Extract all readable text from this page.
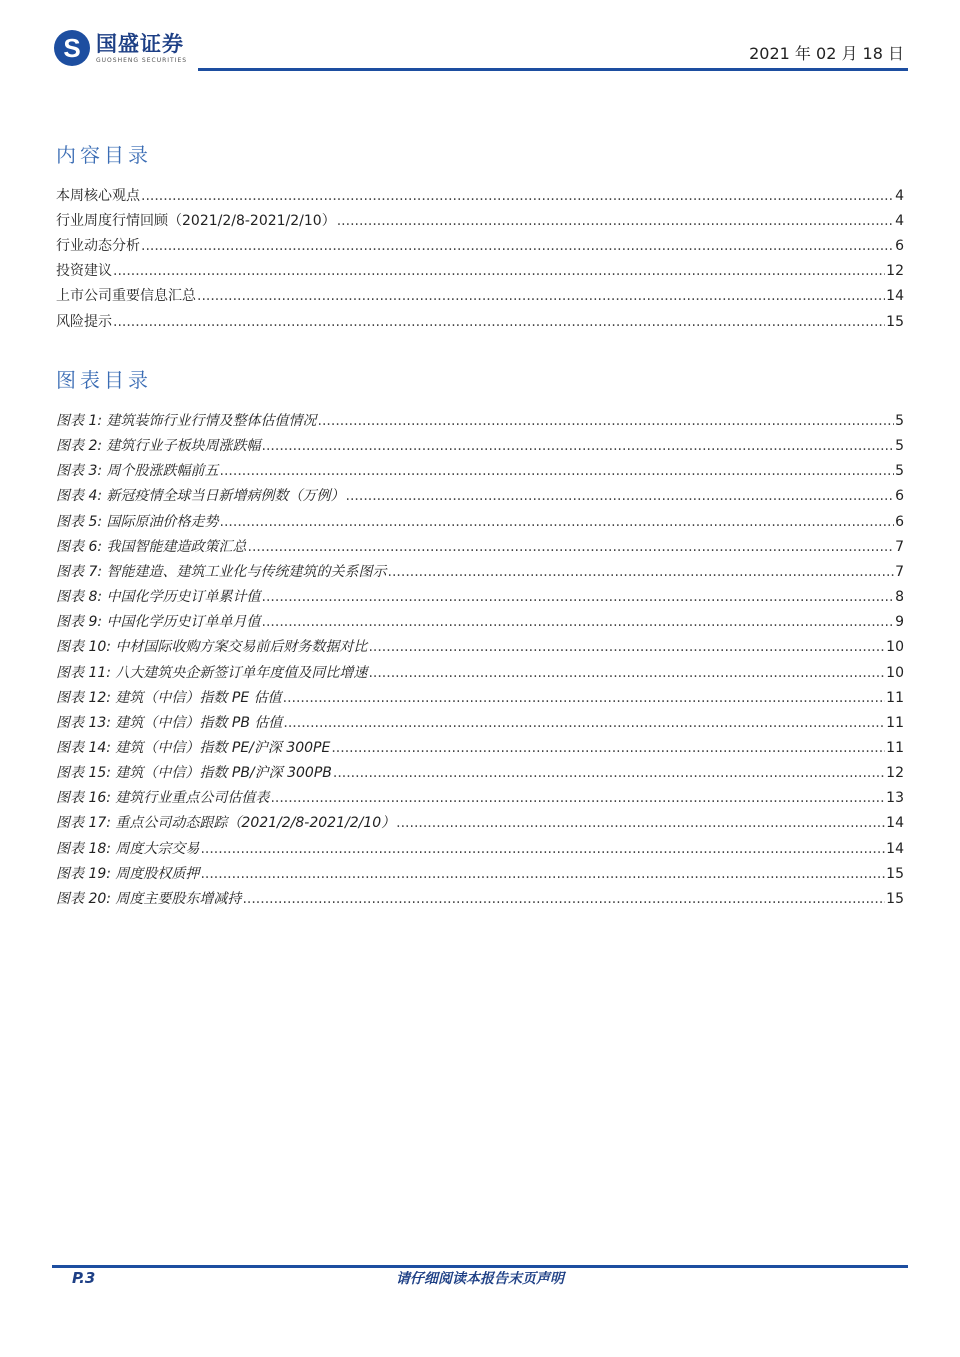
S 国盛证券
GUOSHENG SECURITIES	2021 年 02 月 18 日
内容目录
本周核心观点 .....	4
行业周度行情回顾（2021/2/8-2021/2/10） .....	4
行业动态分析 .....	6
投资建议 .....	12
上市公司重要信息汇总 .....	14
风险提示 .....	15
图表目录
图表 1: 建筑装饰行业行情及整体估值情况 .....	5
图表 2: 建筑行业子板块周涨跌幅 .....	5
图表 3: 周个股涨跌幅前五 .....	5
图表 4: 新冠疫情全球当日新增病例数（万例） .....	6
图表 5: 国际原油价格走势 .....	6
图表 6: 我国智能建造政策汇总 .....	7
图表 7: 智能建造、建筑工业化与传统建筑的关系图示 .....	7
图表 8: 中国化学历史订单累计值 .....	8
图表 9: 中国化学历史订单单月值 .....	9
图表 10: 中材国际收购方案交易前后财务数据对比 .....	10
图表 11: 八大建筑央企新签订单年度值及同比增速 .....	10
图表 12: 建筑（中信）指数 PE 估值 .....	11
图表 13: 建筑（中信）指数 PB 估值 .....	11
图表 14: 建筑（中信）指数 PE/沪深 300PE .....	11
图表 15: 建筑（中信）指数 PB/沪深 300PB .....	12
图表 16: 建筑行业重点公司估值表 .....	13
图表 17: 重点公司动态跟踪（2021/2/8-2021/2/10） .....	14
图表 18: 周度大宗交易 .....	14
图表 19: 周度股权质押 .....	15
图表 20: 周度主要股东增减持 .....	15
P.3	请仔细阅读本报告末页声明
